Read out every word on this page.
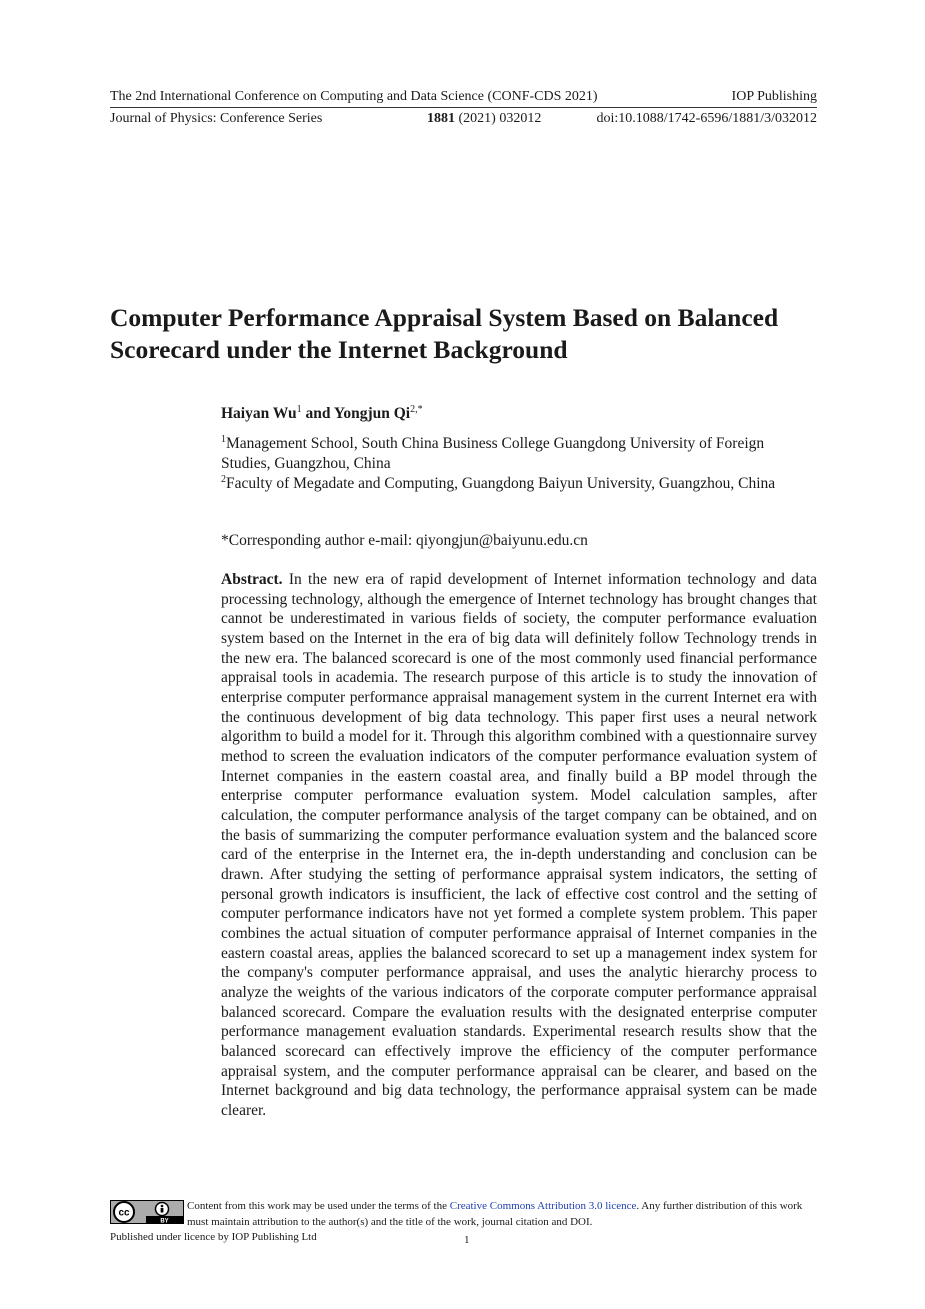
The 2nd International Conference on Computing and Data Science (CONF-CDS 2021)	IOP Publishing
Journal of Physics: Conference Series	1881 (2021) 032012	doi:10.1088/1742-6596/1881/3/032012
Computer Performance Appraisal System Based on Balanced
Scorecard under the Internet Background
Haiyan Wu$^1$ and Yongjun $Qi^{2,*}$
$^1$Management School, South China Business College Guangdong University of Foreign Studies, Guangzhou, China
$^2$Faculty of Megadate and Computing, Guangdong Baiyun University, Guangzhou, China
*Corresponding author e-mail: qiyongjun@baiyunu.edu.cn
Abstract. In the new era of rapid development of Internet information technology and data processing technology, although the emergence of Internet technology has brought changes that cannot be underestimated in various fields of society, the computer performance evaluation system based on the Internet in the era of big data will definitely follow Technology trends in the new era. The balanced scorecard is one of the most commonly used financial performance appraisal tools in academia. The research purpose of this article is to study the innovation of enterprise computer performance appraisal management system in the current Internet era with the continuous development of big data technology. This paper first uses a neural network algorithm to build a model for it. Through this algorithm combined with a questionnaire survey method to screen the evaluation indicators of the computer performance evaluation system of Internet companies in the eastern coastal area, and finally build a BP model through the enterprise computer performance evaluation system. Model calculation samples, after calculation, the computer performance analysis of the target company can be obtained, and on the basis of summarizing the computer performance evaluation system and the balanced score card of the enterprise in the Internet era, the in-depth understanding and conclusion can be drawn. After studying the setting of performance appraisal system indicators, the setting of personal growth indicators is insufficient, the lack of effective cost control and the setting of computer performance indicators have not yet formed a complete system problem. This paper combines the actual situation of computer performance appraisal of Internet companies in the eastern coastal areas, applies the balanced scorecard to set up a management index system for the company's computer performance appraisal, and uses the analytic hierarchy process to analyze the weights of the various indicators of the corporate computer performance appraisal balanced scorecard. Compare the evaluation results with the designated enterprise computer performance management evaluation standards. Experimental research results show that the balanced scorecard can effectively improve the efficiency of the computer performance appraisal system, and the computer performance appraisal can be clearer, and based on the Internet background and big data technology, the performance appraisal system can be made clearer.
cc
BY
Content from this work may be used under the terms of the Creative Commons Attribution 3.0 licence. Any further distribution of this work must maintain attribution to the author(s) and the title of the work, journal citation and DOI.
Published under licence by IOP Publishing Ltd	1
